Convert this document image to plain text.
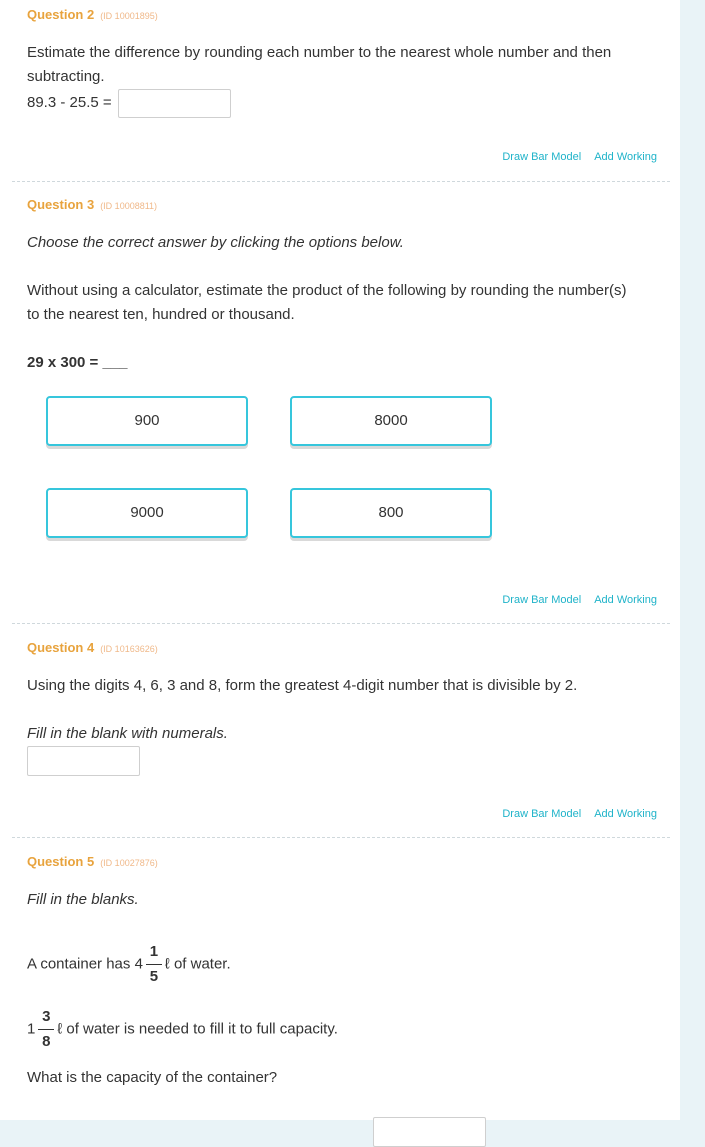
Question 2 (ID 10001895)
Estimate the difference by rounding each number to the nearest whole number and then subtracting.
89.3 - 25.5 =
Draw Bar Model Add Working
Question 3 (ID 10008811)
Choose the correct answer by clicking the options below.
Without using a calculator, estimate the product of the following by rounding the number(s) to the nearest ten, hundred or thousand.
29 x 300 = ___
900	8000
9000	800
Draw Bar Model Add Working
Question 4 (ID 10163626)
Using the digits 4, 6, 3 and 8, form the greatest 4-digit number that is divisible by 2.
Fill in the blank with numerals.
Draw Bar Model Add Working
Question 5 (ID 10027876)
Fill in the blanks.
A container has $4 \frac{1}{5}$ ℓ of water.
$1 \frac{3}{8}$ ℓ of water is needed to fill it to full capacity.
What is the capacity of the container?
